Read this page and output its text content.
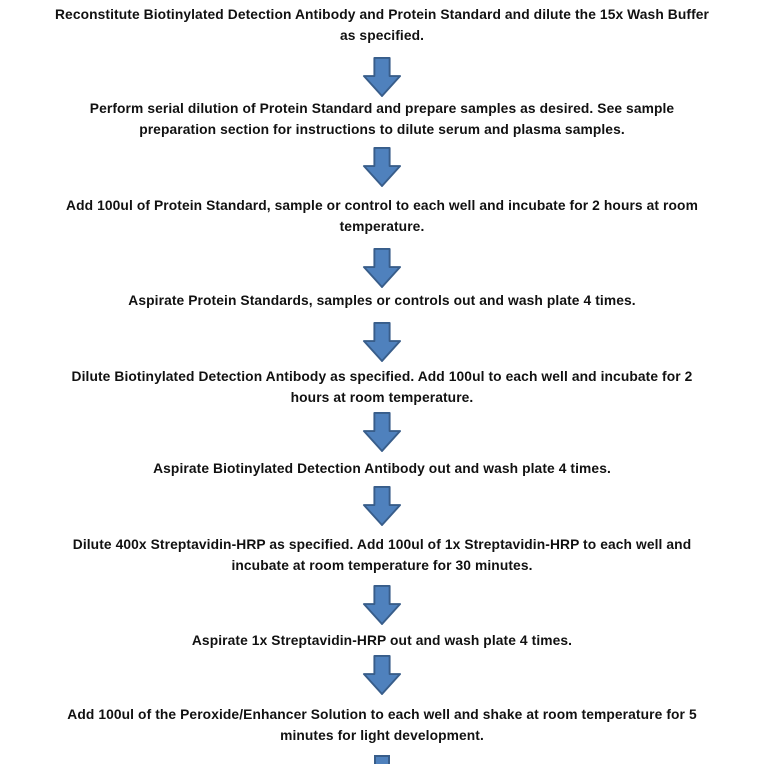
Reconstitute Biotinylated Detection Antibody and Protein Standard and dilute the 15x Wash Buffer
as specified.
Perform serial dilution of Protein Standard and prepare samples as desired. See sample
preparation section for instructions to dilute serum and plasma samples.
Add 100ul of Protein Standard, sample or control to each well and incubate for 2 hours at room
temperature.
Aspirate Protein Standards, samples or controls out and wash plate 4 times.
Dilute Biotinylated Detection Antibody as specified. Add 100ul to each well and incubate for 2
hours at room temperature.
Aspirate Biotinylated Detection Antibody out and wash plate 4 times.
Dilute 400x Streptavidin-HRP as specified. Add 100ul of 1x Streptavidin-HRP to each well and
incubate at room temperature for 30 minutes.
Aspirate 1x Streptavidin-HRP out and wash plate 4 times.
Add 100ul of the Peroxide/Enhancer Solution to each well and shake at room temperature for 5
minutes for light development.
